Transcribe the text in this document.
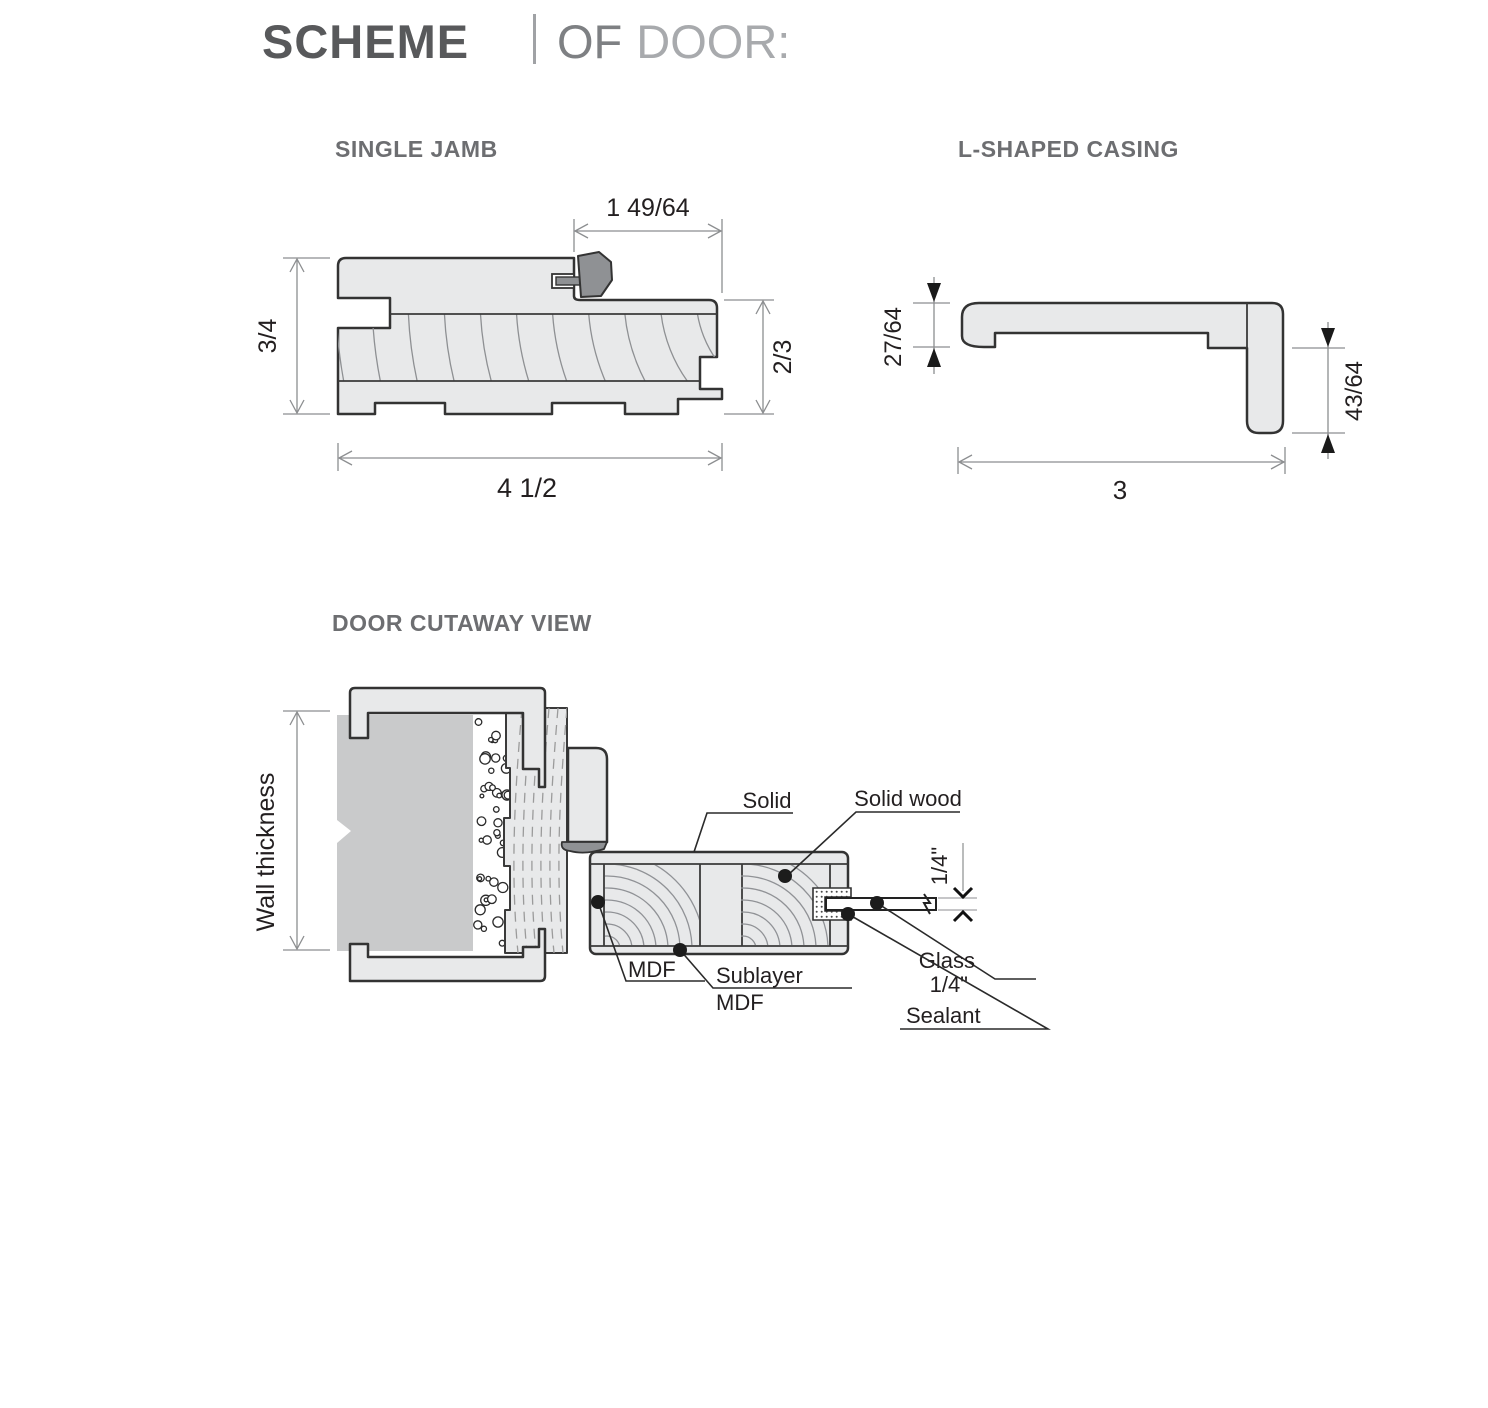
SCHEME OF DOOR:
SINGLE JAMB
1 49/64
3/4
2/3
4 1/2
L-SHAPED CASING
27/64
43/64
3
DOOR CUTAWAY VIEW
1/4"
Wall thickness	Solid	Solid wood
MDF Sublayer
MDF
Glass
1/4"
Sealant
